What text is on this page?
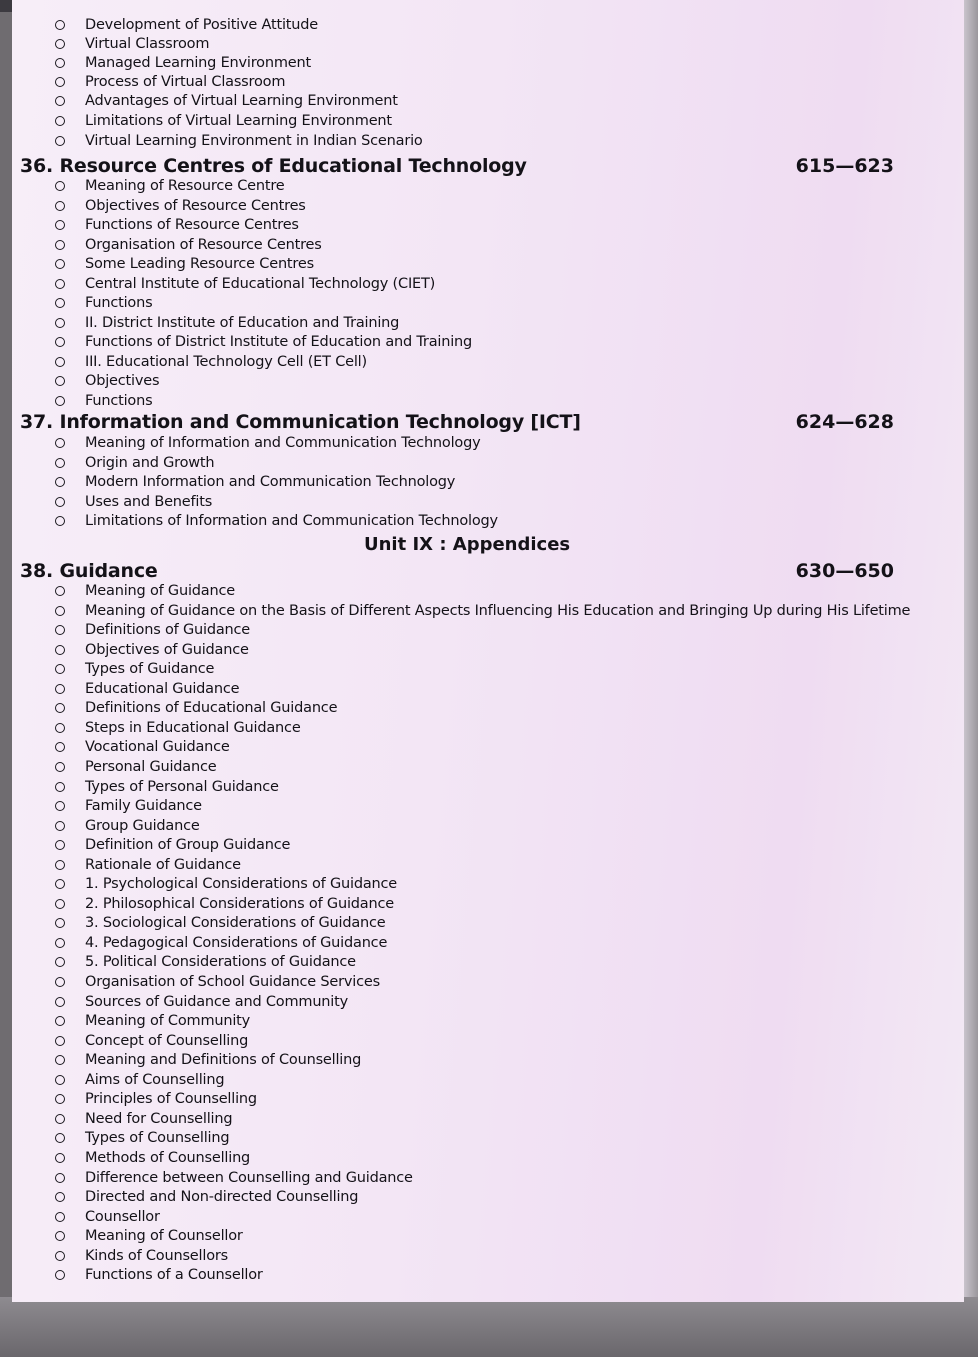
​
Unit IX : Appendices
Development of Positive Attitude
Virtual Classroom
Managed Learning Environment
Process of Virtual Classroom
Advantages of Virtual Learning Environment
Limitations of Virtual Learning Environment
Virtual Learning Environment in Indian Scenario
36. Resource Centres of Educational Technology	615—623
Meaning of Resource Centre
Objectives of Resource Centres
Functions of Resource Centres
Organisation of Resource Centres
Some Leading Resource Centres
Central Institute of Educational Technology (CIET)
Functions
II. District Institute of Education and Training
Functions of District Institute of Education and Training
III. Educational Technology Cell (ET Cell)
Objectives
Functions
37. Information and Communication Technology [ICT]	624—628
Meaning of Information and Communication Technology
Origin and Growth
Modern Information and Communication Technology
Uses and Benefits
Limitations of Information and Communication Technology
38. Guidance	630—650
Meaning of Guidance
Meaning of Guidance on the Basis of Different Aspects Influencing His Education and Bringing Up during His Lifetime
Definitions of Guidance
Objectives of Guidance
Types of Guidance
Educational Guidance
Definitions of Educational Guidance
Steps in Educational Guidance
Vocational Guidance
Personal Guidance
Types of Personal Guidance
Family Guidance
Group Guidance
Definition of Group Guidance
Rationale of Guidance
1. Psychological Considerations of Guidance
2. Philosophical Considerations of Guidance
3. Sociological Considerations of Guidance
4. Pedagogical Considerations of Guidance
5. Political Considerations of Guidance
Organisation of School Guidance Services
Sources of Guidance and Community
Meaning of Community
Concept of Counselling
Meaning and Definitions of Counselling
Aims of Counselling
Principles of Counselling
Need for Counselling
Types of Counselling
Methods of Counselling
Difference between Counselling and Guidance
Directed and Non-directed Counselling
Counsellor
Meaning of Counsellor
Kinds of Counsellors
Functions of a Counsellor
